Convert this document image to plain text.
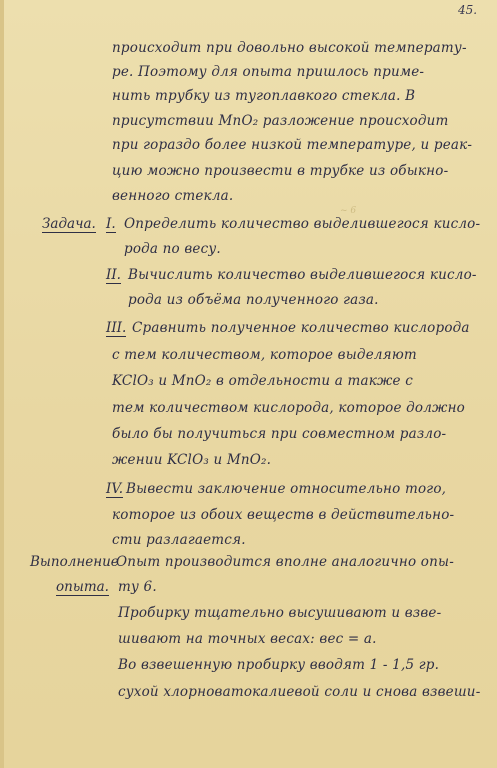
45.
происходит при довольно высокой температу-
ре. Поэтому для опыта пришлось приме-
нить трубку из тугоплавкого стекла. В
присутствии MnO₂ разложение происходит
при гораздо более низкой температуре, и реак-
цию можно произвести в трубке из обыкно-
венного стекла.
~ 6
Задача. I. Определить количество выделившегося кисло-
рода по весу.
II. Вычислить количество выделившегося кисло-
рода из объёма полученного газа.
III. Сравнить полученное количество кислорода
с тем количеством, которое выделяют
KClO₃ и MnO₂ в отдельности а также с
тем количеством кислорода, которое должно
было бы получиться при совместном разло-
жении KClO₃ и MnO₂.
IV. Вывести заключение относительно того,
которое из обоих веществ в действительно-
сти разлагается.
Выполнение
опыта.
Опыт производится вполне аналогично опы-
ту 6.
Пробирку тщательно высушивают и взве-
шивают на точных весах: вес = a.
Во взвешенную пробирку вводят 1 - 1,5 гр.
сухой хлорноватокалиевой соли и снова взвеши-
